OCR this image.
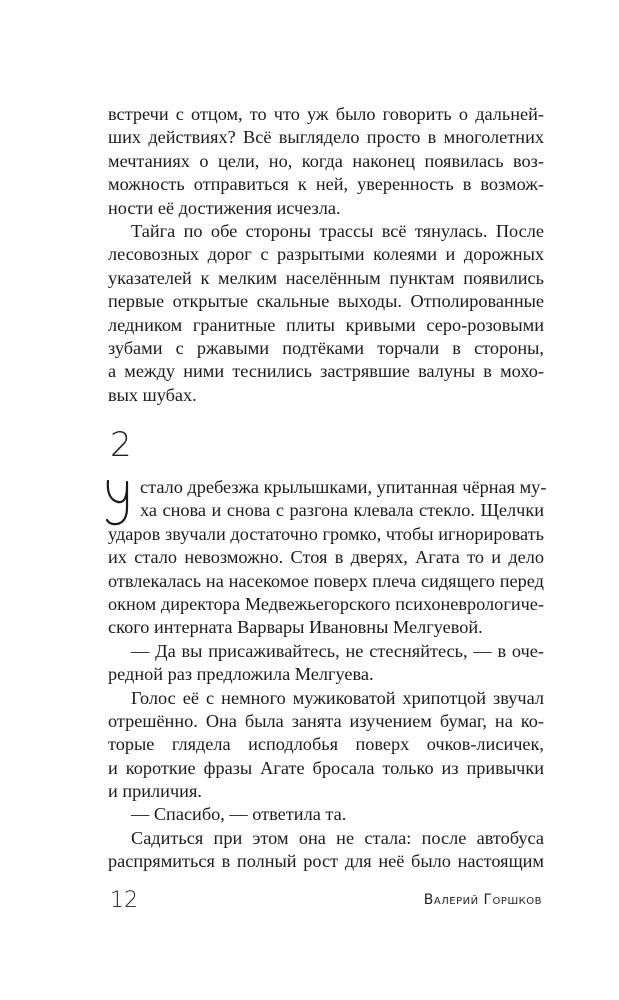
встречи с отцом, то что уж было говорить о дальней-
ших действиях? Всё выглядело просто в многолетних
мечтаниях о цели, но, когда наконец появилась воз-
можность отправиться к ней, уверенность в возмож-
ности её достижения исчезла.
Тайга по обе стороны трассы всё тянулась. После
лесовозных дорог с разрытыми колеями и дорожных
указателей к мелким населённым пунктам появились
первые открытые скальные выходы. Отполированные
ледником гранитные плиты кривыми серо-розовыми
зубами с ржавыми подтёками торчали в стороны,
а между ними теснились застрявшие валуны в мохо-
вых шубах.
2
стало дребезжа крылышками, упитанная чёрная му-
ха снова и снова с разгона клевала стекло. Щелчки
ударов звучали достаточно громко, чтобы игнорировать
их стало невозможно. Стоя в дверях, Агата то и дело
отвлекалась на насекомое поверх плеча сидящего перед
окном директора Медвежьегорского психоневрологиче-
ского интерната Варвары Ивановны Мелгуевой.
— Да вы присаживайтесь, не стесняйтесь, — в оче-
редной раз предложила Мелгуева.
Голос её с немного мужиковатой хрипотцой звучал
отрешённо. Она была занята изучением бумаг, на ко-
торые глядела исподлобья поверх очков-лисичек,
и короткие фразы Агате бросала только из привычки
и приличия.
— Спасибо, — ответила та.
Садиться при этом она не стала: после автобуса
распрямиться в полный рост для неё было настоящим
12	Валерий Горшков
